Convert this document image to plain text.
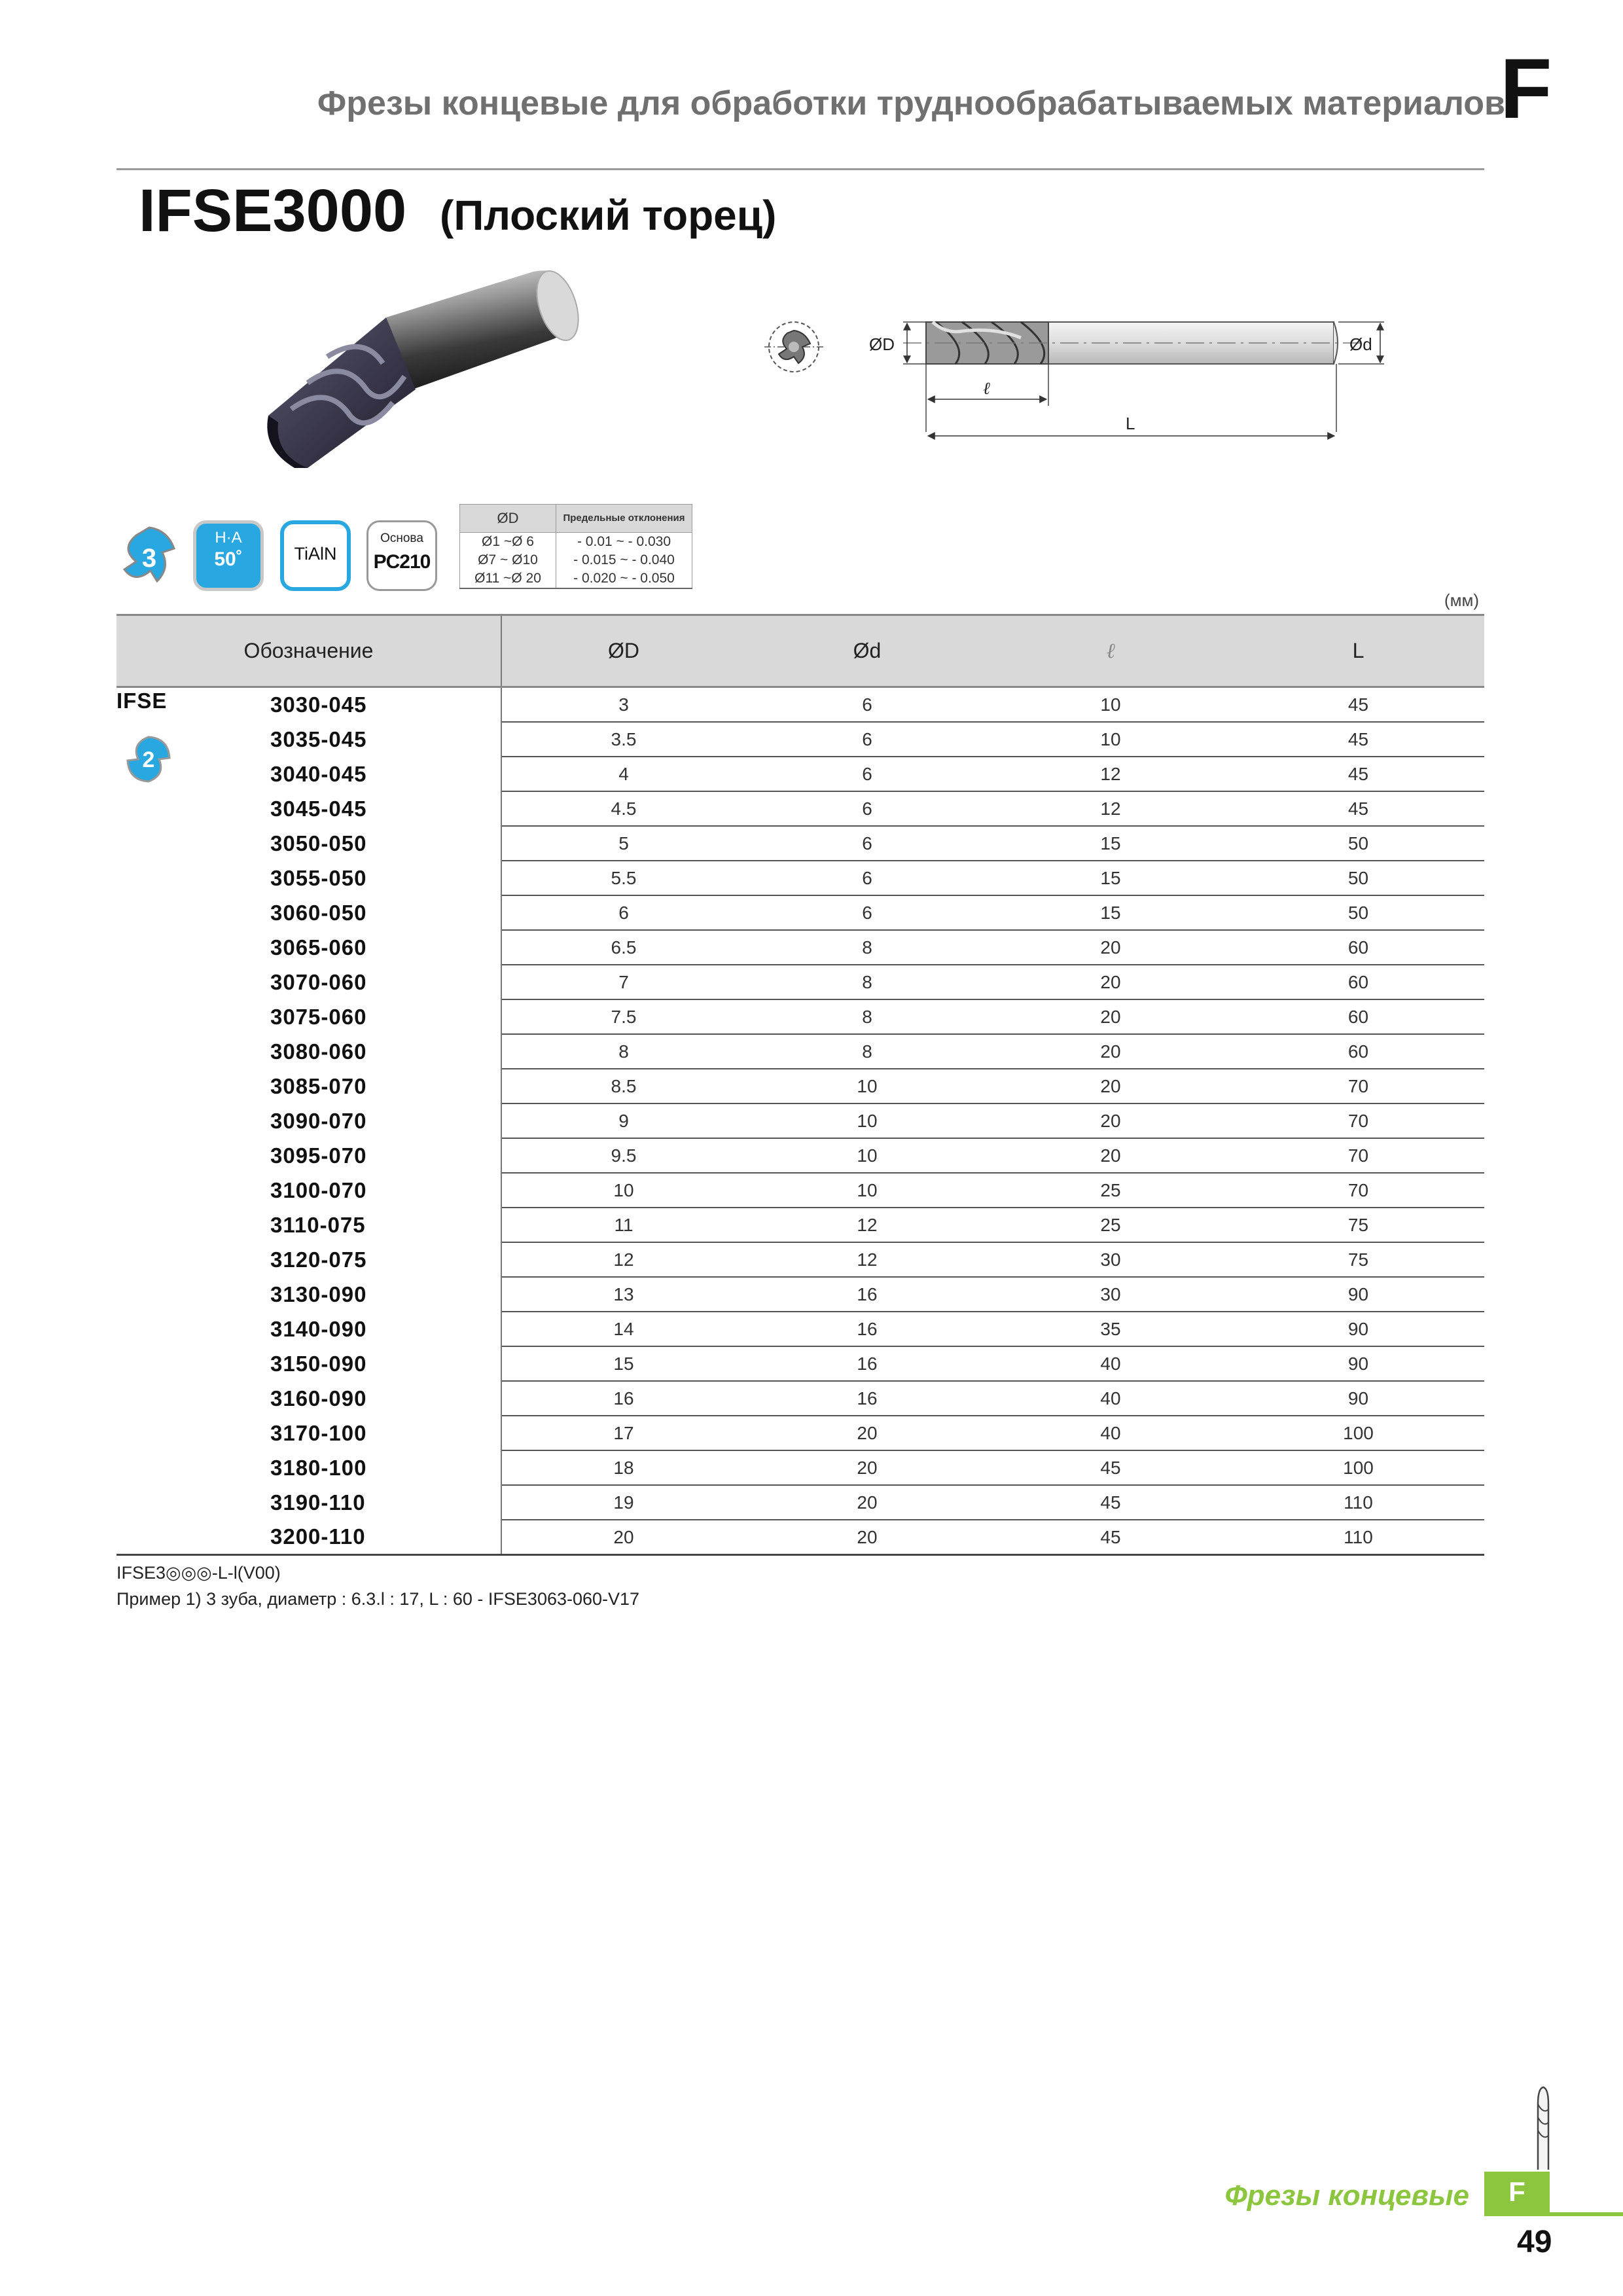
Фрезы концевые для обработки труднообрабатываемых материалов
F
IFSE3000 (Плоский торец)
ØD	Ød
ℓ
L
3
H·A
50˚	TiAlN
Основа
PC210
ØD	Предельные отклонения
Ø1 ~Ø 6	- 0.01 ~ - 0.030
Ø7 ~ Ø10	- 0.015 ~ - 0.040
Ø11 ~Ø 20	- 0.020 ~ - 0.050
(мм)
Обозначение	ØD	Ød	ℓ	L
3030-045	3	6	10	45
3035-045	3.5	6	10	45
3040-045	4	6	12	45
3045-045	4.5	6	12	45
3050-050	5	6	15	50
3055-050	5.5	6	15	50
3060-050	6	6	15	50
3065-060	6.5	8	20	60
3070-060	7	8	20	60
3075-060	7.5	8	20	60
3080-060	8	8	20	60
3085-070	8.5	10	20	70
3090-070	9	10	20	70
3095-070	9.5	10	20	70
3100-070	10	10	25	70
3110-075	11	12	25	75
3120-075	12	12	30	75
3130-090	13	16	30	90
3140-090	14	16	35	90
3150-090	15	16	40	90
3160-090	16	16	40	90
3170-100	17	20	40	100
3180-100	18	20	45	100
3190-110	19	20	45	110
3200-110	20	20	45	110
IFSE
2
IFSE3◎◎◎-L-l(V00)
Пример 1) 3 зуба, диаметр : 6.3.l : 17, L : 60 - IFSE3063-060-V17
Фрезы концевые	F
49
